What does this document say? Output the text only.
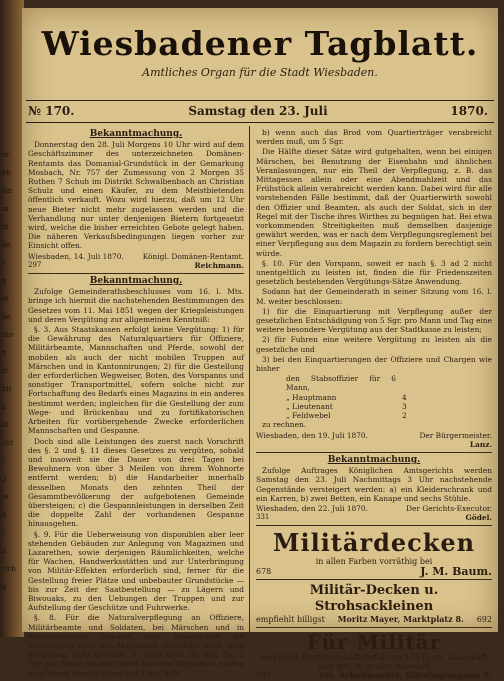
er
eh
sin
m
ih
de
f
g
et
be
ate
n
fr
kti
a
di
cht
t
3
ie
li
t
n
rich
o
Wiesbadener Tagblatt.
Amtliches Organ für die Stadt Wiesbaden.
№ 170.	Samstag den 23. Juli	1870.
Bekanntmachung.

Donnerstag den 28. Juli Morgens 10 Uhr wird auf dem Geschäftszimmer des unterzeichneten Domänen-Rentamts das Domanial-Grundstück in der Gemarkung Mosbach, Nr. 757 der Zumessung von 2 Morgen 35 Ruthen 7 Schuh im Distrikt Schwalbenbach an Christian Schulz und einen Käufer, zu dem Meistbietenden öffentlich verkauft. Wozu wird hierzu, daß um 12 Uhr neue Bieter nicht mehr zugelassen werden und die Verhandlung nur unter denjenigen Bietern fortgesetzt wird, welche die bisher erreichten Gebote gelegt haben. Die näheren Verkaufsbedingungen liegen vorher zur Einsicht offen.

Wiesbaden, 14. Juli 1870.	Königl. Domänen-Rentamt.
297	Reichmann.
Bekanntmachung.

Zufolge Gemeinderathsbeschlusses vom 16. l. Mts. bringe ich hiermit die nachstehenden Bestimmungen des Gesetzes vom 11. Mai 1851 wegen der Kriegsleistungen und deren Vergütung zur allgemeinen Kenntniß:

§. 3. Aus Staatskassen erfolgt keine Vergütung: 1) für die Gewährung des Naturalquartiers für Offiziere, Militärbeamte, Mannschaften und Pferde, sowohl der mobilen als auch der nicht mobilen Truppen auf Märschen und in Kantonnirungen; 2) für die Gestellung der erforderlichen Wegweiser, Boten, des Vorspanns und sonstiger Transportmittel, sofern solche nicht zur Fortschaffung des Bedarfs eines Magazins in ein anderes bestimmt werden; ingleichen für die Gestellung der zum Wege- und Brückenbau und zu fortifikatorischen Arbeiten für vorübergehende Zwecke erforderlichen Mannschaften und Gespanne.

Doch sind alle Leistungen des zuerst nach Vorschrift des §. 2 und §. 11 dieses Gesetzes zu vergüten, sobald und insoweit sie die Dauer von drei Tagen bei Bewohnern von über 3 Meilen von ihrem Wohnorte entfernt werden; b) die Handarbeiter innerhalb desselben Monats den zehnten Theil der Gesammtbevölkerung der aufgebotenen Gemeinde übersteigen; c) die Gespannleistungen in derselben Zeit die doppelte Zahl der vorhandenen Gespanne hinausgehen.

§. 9. Für die Ueberweisung von disponiblen aber leer stehenden Gebäuden zur Anlegung von Magazinen und Lazarethen, sowie derjenigen Räumlichkeiten, welche für Wachen, Handwerksstätten und zur Unterbringung von Militär-Effekten erforderlich sind, ferner für die Gestellung freier Plätze und unbebauter Grundstücke — bis zur Zeit der Saatbestellung — zu Lägern und Biwouaks, zu den Uebungen der Truppen und zur Aufstellung der Geschütze und Fuhrwerke.

§. 8. Für die Naturalverpflegung an Offiziere, Militärbeamte und Soldaten, bei Märschen und in Kantonnirungen gewährt wird, inbesondere die Verpflegung nicht aus Magazinen verabfolgt wird, wird Vergütung nicht gewährt, a) ohne Brod für den Tag 5 Sgr. pro Mann, b) nebst Brod aus dem Magazin in natura empfangen werden kann, um 3 Sgr. 9 Pf.

b) wenn auch das Brod vom Quartierträger verabreicht werden muß, um 5 Sgr.

Die Hälfte dieser Sätze wird gutgehalten, wenn bei einigen Märschen, bei Benutzung der Eisenbahn und ähnlichen Veranlassungen, nur ein Theil der Verpflegung, z. B. das Mittagessen allein oder eine Abendmahlzeit und das Frühstück allein verabreicht werden kann. Dabei wird für alle vorstehenden Fälle bestimmt, daß der Quartierwirth sowohl den Offizier und Beamten, als auch der Soldat, sich in der Regel mit der Tische ihres Wirthes zu begnügen hat. Bei etwa vorkommenden Streitigkeiten muß demselben dasjenige gewährt werden, was er nach dem Verpflegungsreglement bei einer Verpflegung aus dem Magazin zu fordern berechtigt sein würde.

§. 10. Für den Vorspann, soweit er nach §. 3 ad 2 nicht unentgeltlich zu leisten ist, finden die für Friedenszeiten gesetzlich bestehenden Vergütungs-Sätze Anwendung.

Sodann hat der Gemeinderath in seiner Sitzung vom 16. l. M. weiter beschlossen:

1) für die Einquartierung mit Verpflegung außer der gesetzlichen Entschädigung von 5 Sgr. pro Mann und Tag eine weitere besondere Vergütung aus der Stadtkasse zu leisten;

2) für Fuhren eine weitere Vergütung zu leisten als die gesetzliche und

3) bei den Einquartierungen der Offiziere und Chargen wie bisher

den Stabsoffizier für 6 Mann,
„ Hauptmann	4
„ Lieutenant	3
„ Feldwebel	2

zu rechnen.

Wiesbaden, den 19. Juli 1870.	Der Bürgermeister.
Lanz.
Bekanntmachung.

Zufolge Auftrages Königlichen Amtsgerichts werden Samstag den 23. Juli Nachmittags 3 Uhr nachstehende Gegenstände versteigert werden: a) ein Kleiderschrank und ein Karren, b) zwei Betten, ein Kanape und sechs Stühle.

Wiesbaden, den 22. Juli 1870.	Der Gerichts-Executor.
331	Gödel.
Militärdecken
in allen Farben vorräthig bei
678	J. M. Baum.
Militär-Decken u. Strohsackleinen
empfiehlt billigst Moritz Mayer, Marktplatz 8. 692
Für Militär
empfiehlt Herren-Schaftstiefel von 4 ½ fl. an, dauerhaft und gut, in großer Auswahl
587	Vet. Schuhmacher, Ellenbogengasse 9.
